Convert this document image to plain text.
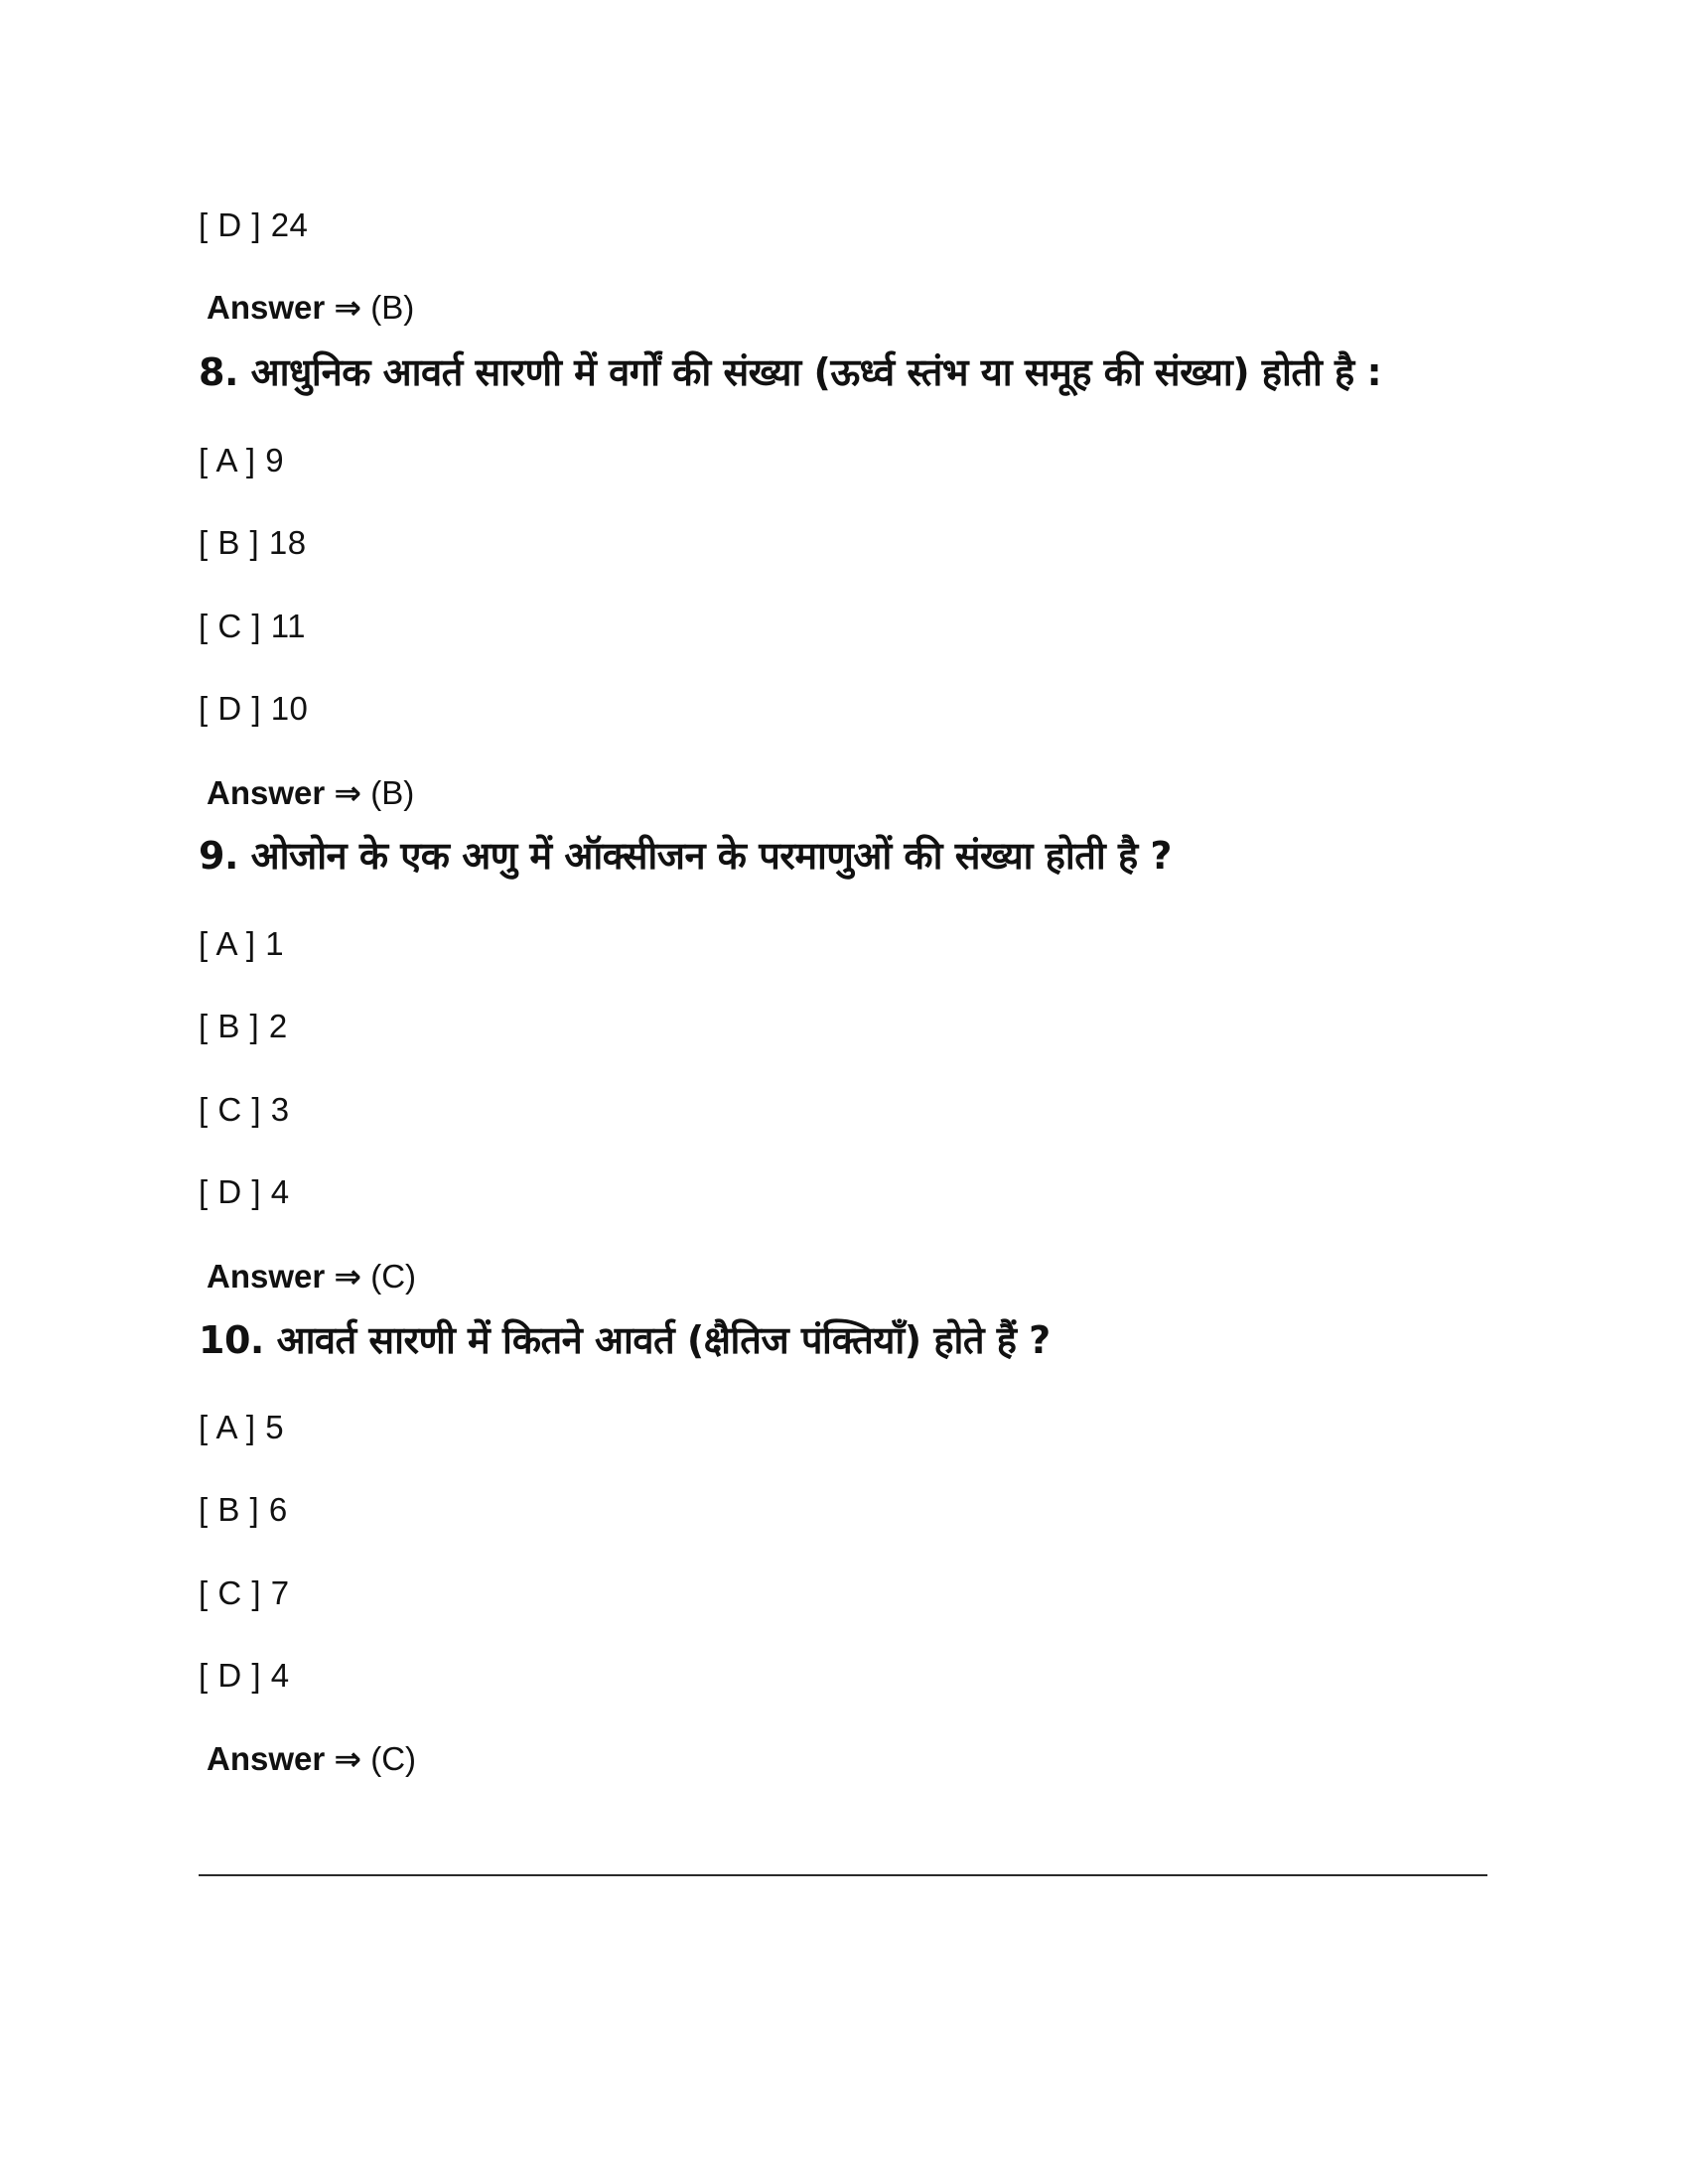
[ D ] 24
Answer ⇒ (B)
8. आधुनिक आवर्त सारणी में वर्गों की संख्या (ऊर्ध्व स्तंभ या समूह की संख्या) होती है :
[ A ] 9
[ B ] 18
[ C ] 11
[ D ] 10
Answer ⇒ (B)
9. ओजोन के एक अणु में ऑक्सीजन के परमाणुओं की संख्या होती है ?
[ A ] 1
[ B ] 2
[ C ] 3
[ D ] 4
Answer ⇒ (C)
10. आवर्त सारणी में कितने आवर्त (क्षैतिज पंक्तियाँ) होते हैं ?
[ A ] 5
[ B ] 6
[ C ] 7
[ D ] 4
Answer ⇒ (C)
